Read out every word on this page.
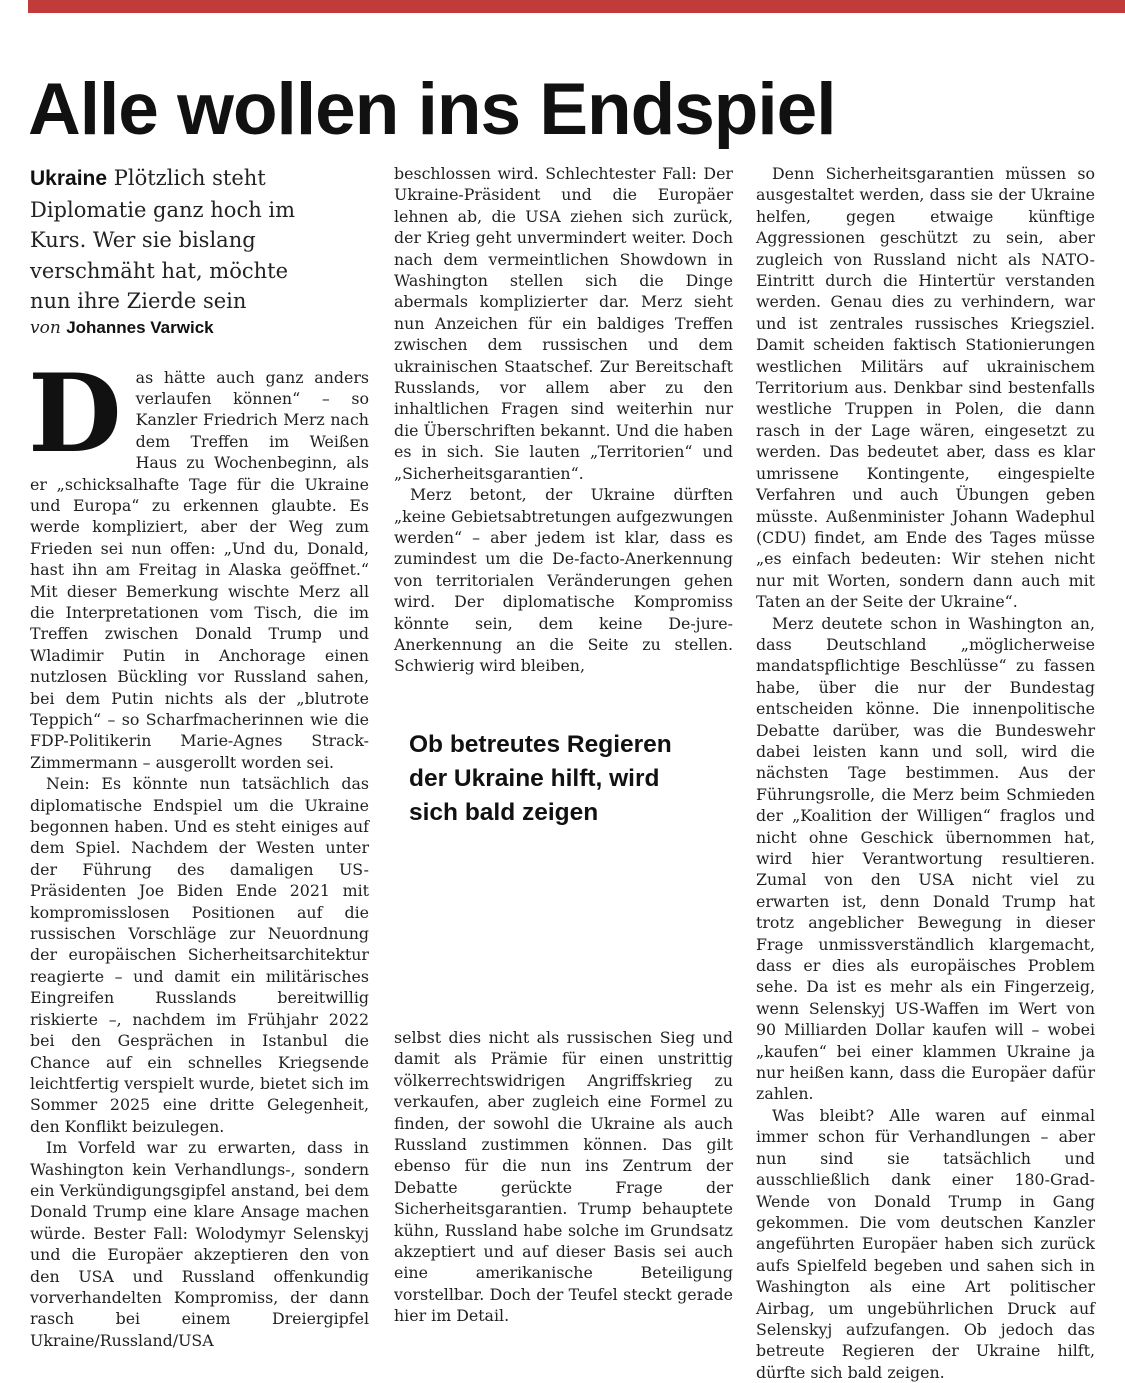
Alle wollen ins Endspiel

Ukraine Plötzlich steht Diplomatie ganz hoch im Kurs. Wer sie bislang verschmäht hat, möchte nun ihre Zierde sein

von Johannes Varwick

Das hätte auch ganz anders verlaufen können“ – so Kanzler Friedrich Merz nach dem Treffen im Weißen Haus zu Wochenbeginn, als er „schicksalhafte Tage für die Ukraine und Europa“ zu erkennen glaubte. Es werde kompliziert, aber der Weg zum Frieden sei nun offen: „Und du, Donald, hast ihn am Freitag in Alaska geöffnet.“ Mit dieser Bemerkung wischte Merz all die Interpretationen vom Tisch, die im Treffen zwischen Donald Trump und Wladimir Putin in Anchorage einen nutzlosen Bückling vor Russland sahen, bei dem Putin nichts als der „blutrote Teppich“ – so Scharfmacherinnen wie die FDP-Politikerin Marie-Agnes Strack-Zimmermann – ausgerollt worden sei.

Nein: Es könnte nun tatsächlich das diplomatische Endspiel um die Ukraine begonnen haben. Und es steht einiges auf dem Spiel. Nachdem der Westen unter der Führung des damaligen US-Präsidenten Joe Biden Ende 2021 mit kompromisslosen Positionen auf die russischen Vorschläge zur Neuordnung der europäischen Sicherheitsarchitektur reagierte – und damit ein militärisches Eingreifen Russlands bereitwillig riskierte –, nachdem im Frühjahr 2022 bei den Gesprächen in Istanbul die Chance auf ein schnelles Kriegsende leichtfertig verspielt wurde, bietet sich im Sommer 2025 eine dritte Gelegenheit, den Konflikt beizulegen.

Im Vorfeld war zu erwarten, dass in Washington kein Verhandlungs-, sondern ein Verkündigungsgipfel anstand, bei dem Donald Trump eine klare Ansage machen würde. Bester Fall: Wolodymyr Selenskyj und die Europäer akzeptieren den von den USA und Russland offenkundig vorverhandelten Kompromiss, der dann rasch bei einem Dreiergipfel Ukraine/Russland/USA

beschlossen wird. Schlechtester Fall: Der Ukraine-Präsident und die Europäer lehnen ab, die USA ziehen sich zurück, der Krieg geht unvermindert weiter. Doch nach dem vermeintlichen Showdown in Washington stellen sich die Dinge abermals komplizierter dar. Merz sieht nun Anzeichen für ein baldiges Treffen zwischen dem russischen und dem ukrainischen Staatschef. Zur Bereitschaft Russlands, vor allem aber zu den inhaltlichen Fragen sind weiterhin nur die Überschriften bekannt. Und die haben es in sich. Sie lauten „Territorien“ und „Sicherheitsgarantien“.

Merz betont, der Ukraine dürften „keine Gebietsabtretungen aufgezwungen werden“ – aber jedem ist klar, dass es zumindest um die De-facto-Anerkennung von territorialen Veränderungen gehen wird. Der diplomatische Kompromiss könnte sein, dem keine De-jure-Anerkennung an die Seite zu stellen. Schwierig wird bleiben,

Ob betreutes Regieren der Ukraine hilft, wird sich bald zeigen

selbst dies nicht als russischen Sieg und damit als Prämie für einen unstrittig völkerrechtswidrigen Angriffskrieg zu verkaufen, aber zugleich eine Formel zu finden, der sowohl die Ukraine als auch Russland zustimmen können. Das gilt ebenso für die nun ins Zentrum der Debatte gerückte Frage der Sicherheitsgarantien. Trump behauptete kühn, Russland habe solche im Grundsatz akzeptiert und auf dieser Basis sei auch eine amerikanische Beteiligung vorstellbar. Doch der Teufel steckt gerade hier im Detail.

Denn Sicherheitsgarantien müssen so ausgestaltet werden, dass sie der Ukraine helfen, gegen etwaige künftige Aggressionen geschützt zu sein, aber zugleich von Russland nicht als NATO-Eintritt durch die Hintertür verstanden werden. Genau dies zu verhindern, war und ist zentrales russisches Kriegsziel. Damit scheiden faktisch Stationierungen westlichen Militärs auf ukrainischem Territorium aus. Denkbar sind bestenfalls westliche Truppen in Polen, die dann rasch in der Lage wären, eingesetzt zu werden. Das bedeutet aber, dass es klar umrissene Kontingente, eingespielte Verfahren und auch Übungen geben müsste. Außenminister Johann Wadephul (CDU) findet, am Ende des Tages müsse „es einfach bedeuten: Wir stehen nicht nur mit Worten, sondern dann auch mit Taten an der Seite der Ukraine“.

Merz deutete schon in Washington an, dass Deutschland „möglicherweise mandatspflichtige Beschlüsse“ zu fassen habe, über die nur der Bundestag entscheiden könne. Die innenpolitische Debatte darüber, was die Bundeswehr dabei leisten kann und soll, wird die nächsten Tage bestimmen. Aus der Führungsrolle, die Merz beim Schmieden der „Koalition der Willigen“ fraglos und nicht ohne Geschick übernommen hat, wird hier Verantwortung resultieren. Zumal von den USA nicht viel zu erwarten ist, denn Donald Trump hat trotz angeblicher Bewegung in dieser Frage unmissverständlich klargemacht, dass er dies als europäisches Problem sehe. Da ist es mehr als ein Fingerzeig, wenn Selenskyj US-Waffen im Wert von 90 Milliarden Dollar kaufen will – wobei „kaufen“ bei einer klammen Ukraine ja nur heißen kann, dass die Europäer dafür zahlen.

Was bleibt? Alle waren auf einmal immer schon für Verhandlungen – aber nun sind sie tatsächlich und ausschließlich dank einer 180-Grad-Wende von Donald Trump in Gang gekommen. Die vom deutschen Kanzler angeführten Europäer haben sich zurück aufs Spielfeld begeben und sahen sich in Washington als eine Art politischer Airbag, um ungebührlichen Druck auf Selenskyj aufzufangen. Ob jedoch das betreute Regieren der Ukraine hilft, dürfte sich bald zeigen.
